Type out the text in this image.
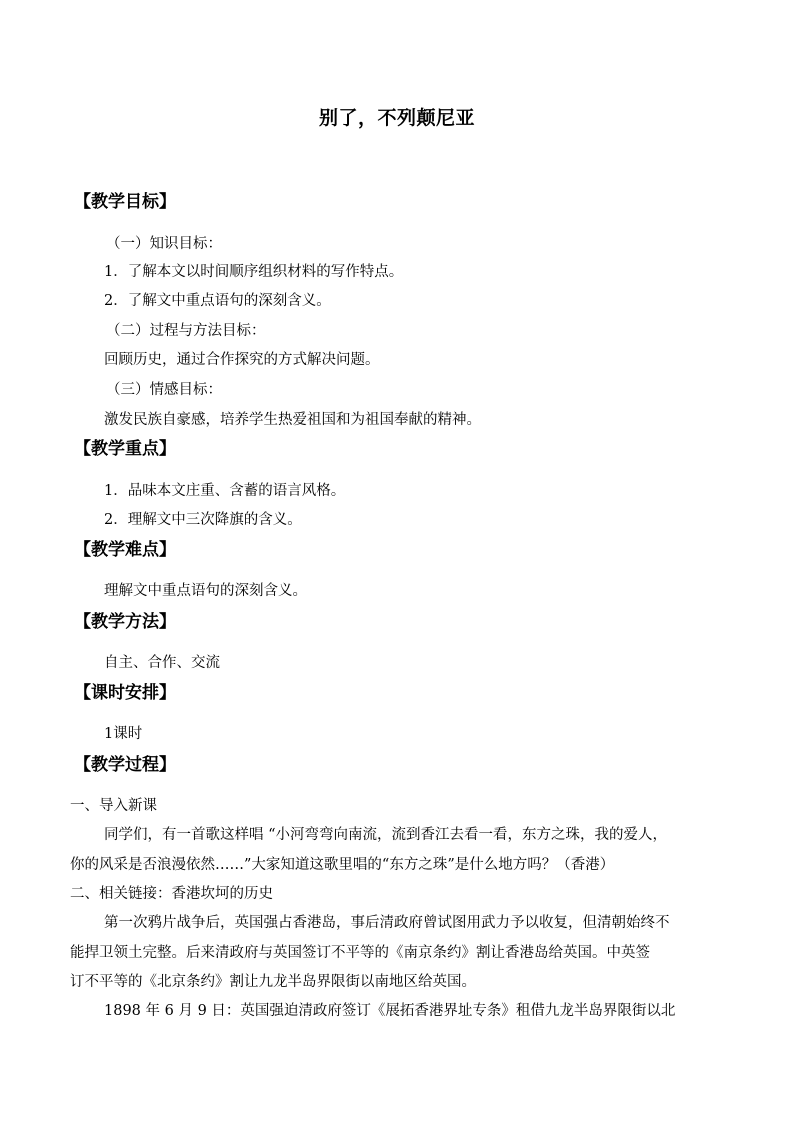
别了，不列颠尼亚
【教学目标】
（一）知识目标：
1．了解本文以时间顺序组织材料的写作特点。
2．了解文中重点语句的深刻含义。
（二）过程与方法目标：
回顾历史，通过合作探究的方式解决问题。
（三）情感目标：
激发民族自豪感，培养学生热爱祖国和为祖国奉献的精神。
【教学重点】
1．品味本文庄重、含蓄的语言风格。
2．理解文中三次降旗的含义。
【教学难点】
理解文中重点语句的深刻含义。
【教学方法】
自主、合作、交流
【课时安排】
1课时
【教学过程】
一、导入新课
同学们，有一首歌这样唱 “小河弯弯向南流，流到香江去看一看，东方之珠，我的爱人，
你的风采是否浪漫依然……”大家知道这歌里唱的“东方之珠”是什么地方吗？（香港）
二、相关链接：香港坎坷的历史
第一次鸦片战争后，英国强占香港岛，事后清政府曾试图用武力予以收复，但清朝始终不
能捍卫领土完整。后来清政府与英国签订不平等的《南京条约》割让香港岛给英国。中英签
订不平等的《北京条约》割让九龙半岛界限街以南地区给英国。
1898 年 6 月 9 日：英国强迫清政府签订《展拓香港界址专条》租借九龙半岛界限街以北
